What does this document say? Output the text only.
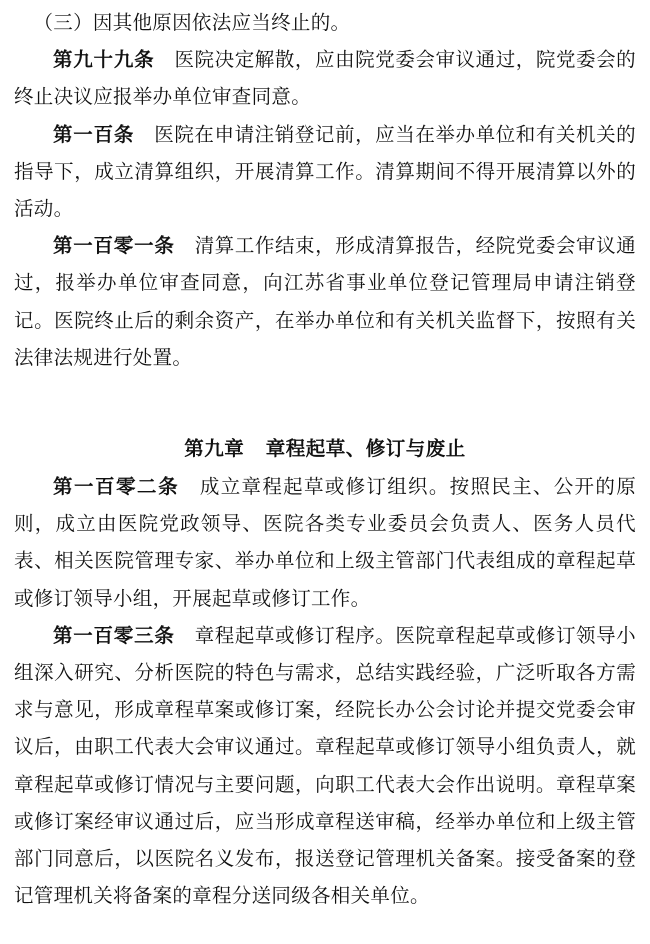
（三）因其他原因依法应当终止的。

第九十九条　 医院决定解散，应由院党委会审议通过，院党委会的终止决议应报举办单位审查同意。

第一百条　 医院在申请注销登记前，应当在举办单位和有关机关的指导下，成立清算组织，开展清算工作。清算期间不得开展清算以外的活动。

第一百零一条　 清算工作结束，形成清算报告，经院党委会审议通过，报举办单位审查同意，向江苏省事业单位登记管理局申请注销登记。医院终止后的剩余资产，在举办单位和有关机关监督下，按照有关法律法规进行处置。

第九章 章程起草、修订与废止

第一百零二条　 成立章程起草或修订组织。按照民主、公开的原则，成立由医院党政领导、医院各类专业委员会负责人、医务人员代表、相关医院管理专家、举办单位和上级主管部门代表组成的章程起草或修订领导小组，开展起草或修订工作。

第一百零三条　 章程起草或修订程序。医院章程起草或修订领导小组深入研究、分析医院的特色与需求，总结实践经验，广泛听取各方需求与意见，形成章程草案或修订案，经院长办公会讨论并提交党委会审议后，由职工代表大会审议通过。章程起草或修订领导小组负责人，就章程起草或修订情况与主要问题，向职工代表大会作出说明。章程草案或修订案经审议通过后，应当形成章程送审稿，经举办单位和上级主管部门同意后，以医院名义发布，报送登记管理机关备案。接受备案的登记管理机关将备案的章程分送同级各相关单位。
